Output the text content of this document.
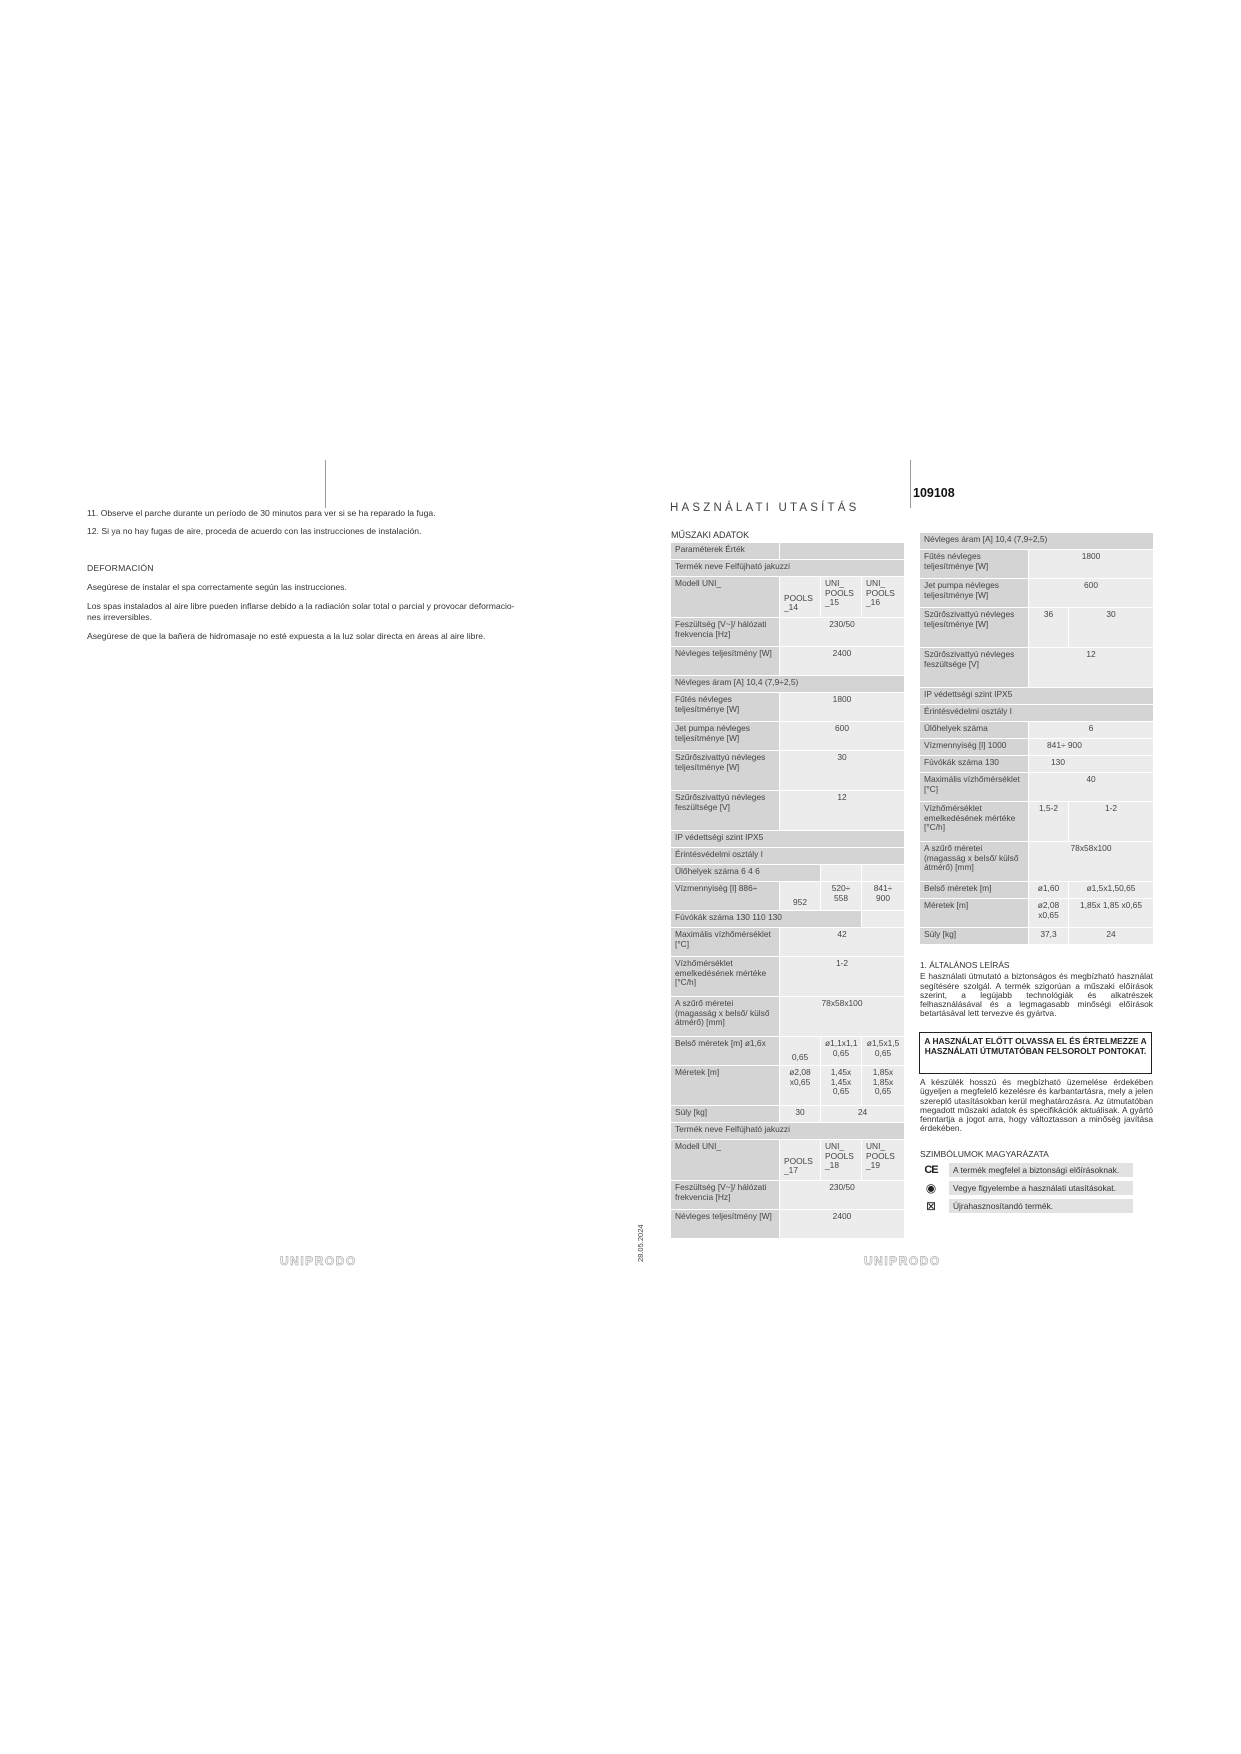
11. Observe el parche durante un período de 30 minutos para ver si se ha reparado la fuga.

12. Si ya no hay fugas de aire, proceda de acuerdo con las instrucciones de instalación.

DEFORMACIÓN

Asegúrese de instalar el spa correctamente según las instrucciones.

Los spas instalados al aire libre pueden inflarse debido a la radiación solar total o parcial y provocar deformacio-

nes irreversibles.

Asegúrese de que la bañera de hidromasaje no esté expuesta a la luz solar directa en áreas al aire libre.

UNIPRODO	28.05.2024
HASZNÁLATI UTASÍTÁS
109108
MŰSZAKI ADATOK
Paraméterek Érték			
Termék neve Felfújható jakuzzi			
Modell UNI_	POOLS _14	UNI_ POOLS _15	UNI_ POOLS _16
Feszültség [V~]/ hálózati frekvencia [Hz]	230/50		
Névleges teljesítmény [W]	2400		
Névleges áram [A] 10,4 (7,9÷2,5)			
Fűtés névleges teljesítménye [W]	1800		
Jet pumpa névleges teljesítménye [W]	600		
Szűrőszivattyú névleges teljesítménye [W]	30		
Szűrőszivattyú névleges feszültsége [V]	12		
IP védettségi szint IPX5			
Érintésvédelmi osztály I			
Ülőhelyek száma 6 4 6			
Vízmennyiség [l] 886÷	952	520÷ 558	841÷ 900
Fúvókák száma 130 110 130			
Maximális vízhőmérséklet [°C]	42		
Vízhőmérséklet emelkedésének mértéke [°C/h]	1-2		
A szűrő méretei (magasság x belső/ külső átmérő) [mm]	78x58x100		
Belső méretek [m] ø1,6x	0,65	ø1,1x1,1 0,65	ø1,5x1,5 0,65
Méretek [m]	ø2,08 x0,65	1,45x 1,45x 0,65	1,85x 1,85x 0,65
Súly [kg]	30	24	
Termék neve Felfújható jakuzzi			
Modell UNI_	POOLS _17	UNI_ POOLS _18	UNI_ POOLS _19
Feszültség [V~]/ hálózati frekvencia [Hz]	230/50		
Névleges teljesítmény [W]	2400		
Névleges áram [A] 10,4 (7,9÷2,5)		
Fűtés névleges teljesítménye [W]	1800	
Jet pumpa névleges teljesítménye [W]	600	
Szűrőszivattyú névleges teljesítménye [W]	36	30
Szűrőszivattyú névleges feszültsége [V]	12	
IP védettségi szint IPX5		
Érintésvédelmi osztály I		
Ülőhelyek száma	6	
Vízmennyiség [l] 1000	841÷ 900	
Fúvókák száma 130	130	
Maximális vízhőmérséklet [°C]	40	
Vízhőmérséklet emelkedésének mértéke [°C/h]	1,5-2	1-2
A szűrő méretei (magasság x belső/ külső átmérő) [mm]	78x58x100	
Belső méretek [m]	ø1,60	ø1,5x1,50,65
Méretek [m]	ø2,08 x0,65	1,85x 1,85 x0,65
Súly [kg]	37,3	24

1. ÁLTALÁNOS LEÍRÁS

E használati útmutató a biztonságos és megbízható használat segítésére szolgál. A termék szigorúan a műszaki előírások szerint, a legújabb technológiák és alkatrészek felhasználásával és a legmagasabb minőségi előírások betartásával lett tervezve és gyártva.

A HASZNÁLAT ELŐTT OLVASSA EL ÉS ÉRTELMEZZE A HASZNÁLATI ÚTMUTATÓBAN FELSOROLT PONTOKAT.

A készülék hosszú és megbízható üzemelése érdekében ügyeljen a megfelelő kezelésre és karbantartásra, mely a jelen szereplő utasításokban kerül meghatározásra. Az útmutatóban megadott műszaki adatok és specifikációk aktuálisak. A gyártó fenntartja a jogot arra, hogy változtasson a minőség javítása érdekében.

SZIMBÓLUMOK MAGYARÁZATA
CE	A termék megfelel a biztonsági előírásoknak.
◉	Vegye figyelembe a használati utasításokat.
⊠	Újrahasznosítandó termék.
UNIPRODO
